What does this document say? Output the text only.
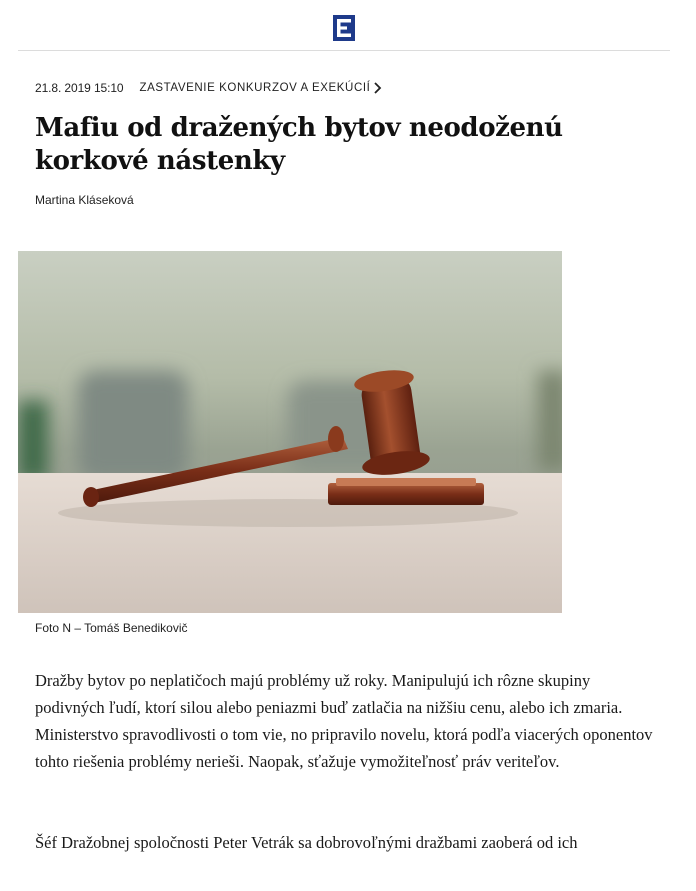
21.8. 2019 15:10 ZASTAVENIE KONKURZOV A EXEKÚCIÍ
Mafiu od dražených bytov neodoženú korkové nástenky
Martina Kláseková
Foto N – Tomáš Benedikovič

Dražby bytov po neplatičoch majú problémy už roky. Manipulujú ich rôzne skupiny podivných ľudí, ktorí silou alebo peniazmi buď zatlačia na nižšiu cenu, alebo ich zmaria. Ministerstvo spravodlivosti o tom vie, no pripravilo novelu, ktorá podľa viacerých oponentov tohto riešenia problémy nerieši. Naopak, sťažuje vymožiteľnosť práv veriteľov.

Šéf Dražobnej spoločnosti Peter Vetrák sa dobrovoľnými dražbami zaoberá od ich
